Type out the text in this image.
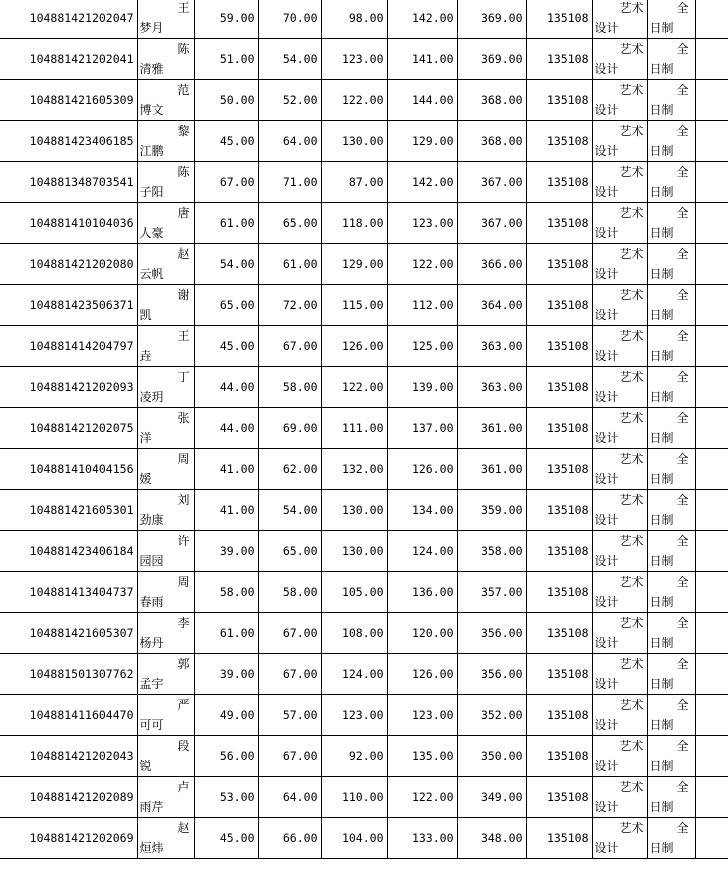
104881421202047	王
梦月	59.00	70.00	98.00	142.00	369.00	135108	艺术
设计	全
日制	

104881421202041	陈
清雅	51.00	54.00	123.00	141.00	369.00	135108	艺术
设计	全
日制	

104881421605309	范
博文	50.00	52.00	122.00	144.00	368.00	135108	艺术
设计	全
日制	

104881423406185	黎
江鹏	45.00	64.00	130.00	129.00	368.00	135108	艺术
设计	全
日制	

104881348703541	陈
子阳	67.00	71.00	87.00	142.00	367.00	135108	艺术
设计	全
日制	

104881410104036	唐
人豪	61.00	65.00	118.00	123.00	367.00	135108	艺术
设计	全
日制	

104881421202080	赵
云帆	54.00	61.00	129.00	122.00	366.00	135108	艺术
设计	全
日制	

104881423506371	谢
凯	65.00	72.00	115.00	112.00	364.00	135108	艺术
设计	全
日制	

104881414204797	王
垚	45.00	67.00	126.00	125.00	363.00	135108	艺术
设计	全
日制	

104881421202093	丁
凌玥	44.00	58.00	122.00	139.00	363.00	135108	艺术
设计	全
日制	

104881421202075	张
洋	44.00	69.00	111.00	137.00	361.00	135108	艺术
设计	全
日制	

104881410404156	周
媛	41.00	62.00	132.00	126.00	361.00	135108	艺术
设计	全
日制	

104881421605301	刘
劲康	41.00	54.00	130.00	134.00	359.00	135108	艺术
设计	全
日制	

104881423406184	许
园园	39.00	65.00	130.00	124.00	358.00	135108	艺术
设计	全
日制	

104881413404737	周
春雨	58.00	58.00	105.00	136.00	357.00	135108	艺术
设计	全
日制	

104881421605307	李
杨丹	61.00	67.00	108.00	120.00	356.00	135108	艺术
设计	全
日制	

104881501307762	郭
孟宇	39.00	67.00	124.00	126.00	356.00	135108	艺术
设计	全
日制	

104881411604470	严
可可	49.00	57.00	123.00	123.00	352.00	135108	艺术
设计	全
日制	

104881421202043	段
锐	56.00	67.00	92.00	135.00	350.00	135108	艺术
设计	全
日制	

104881421202089	卢
雨芹	53.00	64.00	110.00	122.00	349.00	135108	艺术
设计	全
日制	

104881421202069	赵
烜炜	45.00	66.00	104.00	133.00	348.00	135108	艺术
设计	全
日制	
